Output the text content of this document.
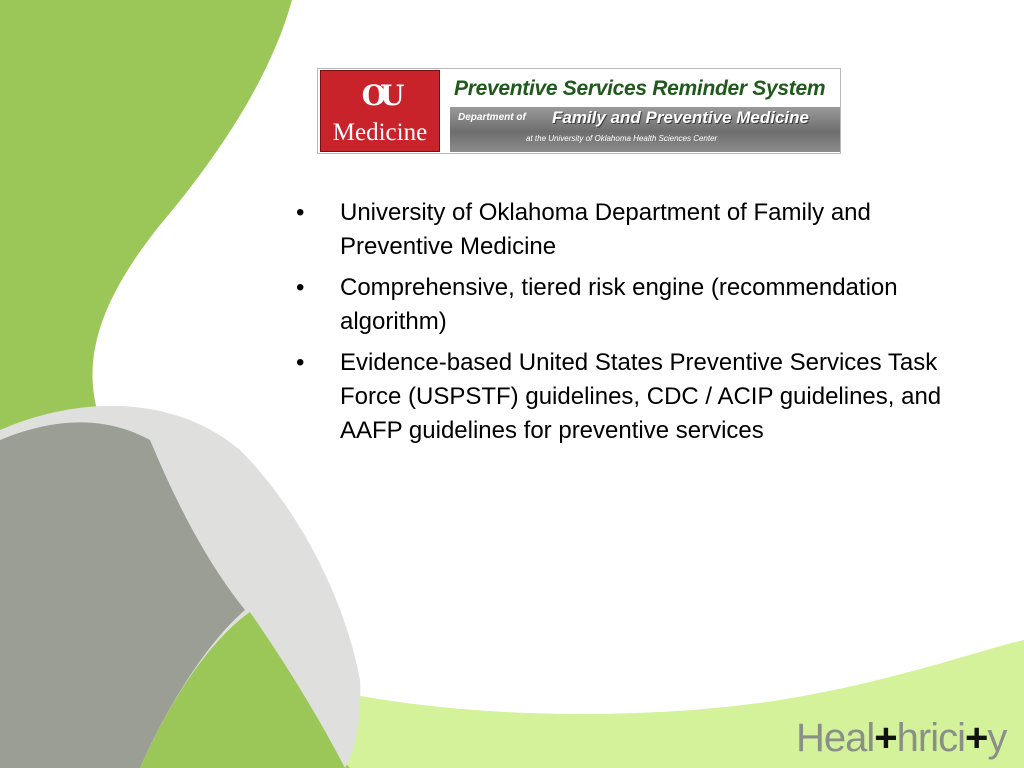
OU
Medicine
Preventive Services Reminder System
Department of Family and Preventive Medicine
at the University of Oklahoma Health Sciences Center
• University of Oklahoma Department of Family and Preventive Medicine
• Comprehensive, tiered risk engine (recommendation algorithm)
• Evidence-based United States Preventive Services Task Force (USPSTF) guidelines, CDC / ACIP guidelines, and AAFP guidelines for preventive services
Heal+hrici+y
